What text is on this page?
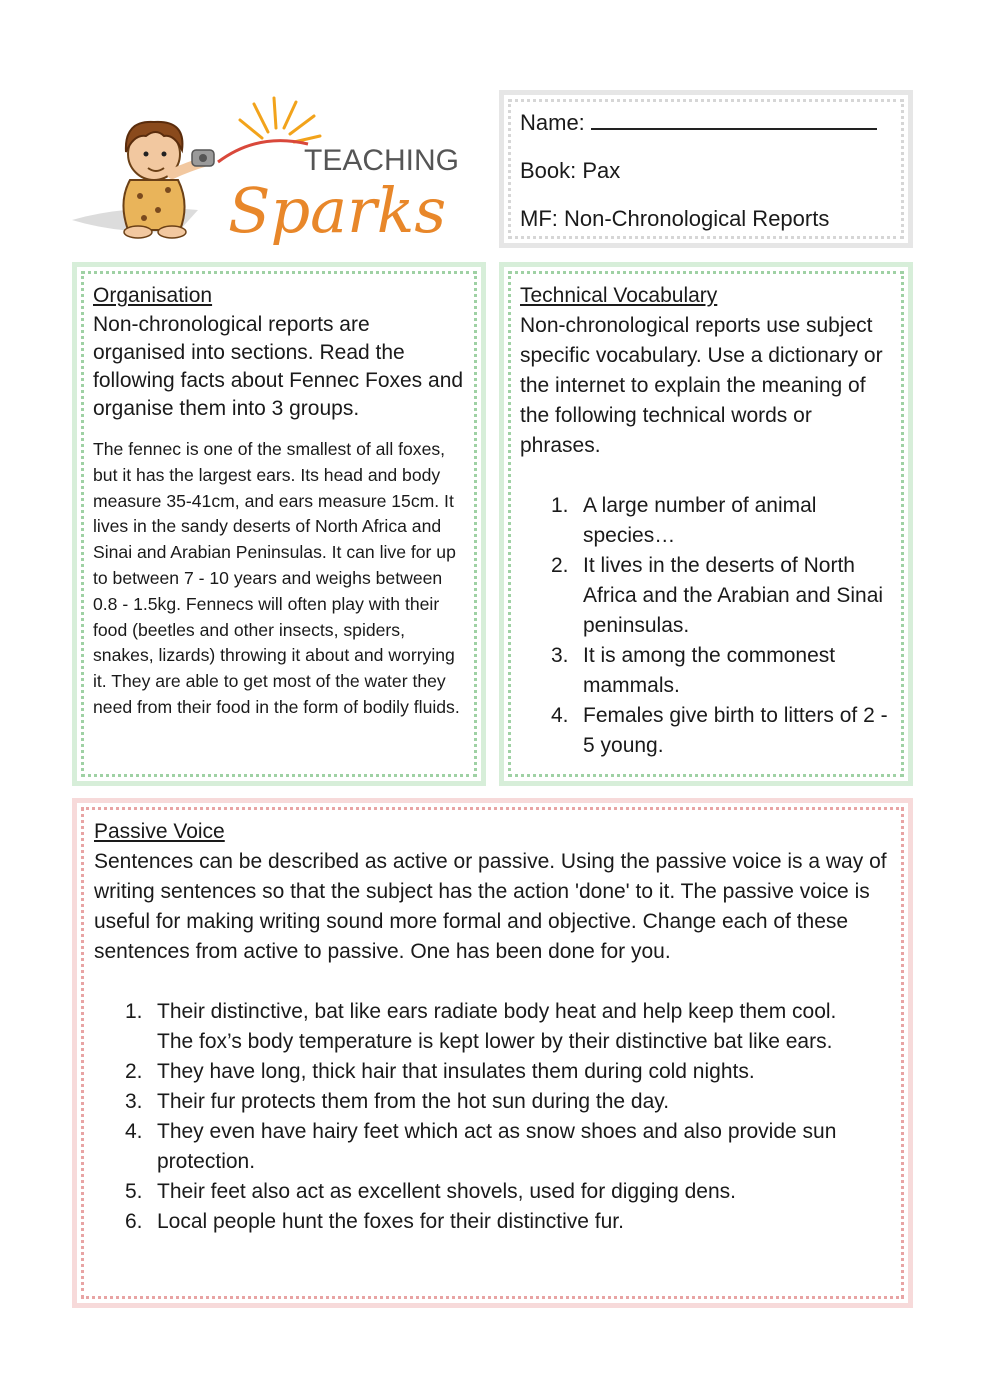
TEACHING
Sparks
Name:
Book: Pax
MF: Non-Chronological Reports
Organisation
Non-chronological reports are organised into sections. Read the following facts about Fennec Foxes and organise them into 3 groups.
The fennec is one of the smallest of all foxes, but it has the largest ears. Its head and body measure 35-41cm, and ears measure 15cm. It lives in the sandy deserts of North Africa and Sinai and Arabian Peninsulas. It can live for up to between 7 - 10 years and weighs between 0.8 - 1.5kg. Fennecs will often play with their food (beetles and other insects, spiders, snakes, lizards) throwing it about and worrying it. They are able to get most of the water they need from their food in the form of bodily fluids.
Technical Vocabulary
Non-chronological reports use subject specific vocabulary. Use a dictionary or the internet to explain the meaning of the following technical words or phrases.
1. A large number of animal species…
2. It lives in the deserts of North Africa and the Arabian and Sinai peninsulas.
3. It is among the commonest mammals.
4. Females give birth to litters of 2 - 5 young.
Passive Voice
Sentences can be described as active or passive. Using the passive voice is a way of writing sentences so that the subject has the action 'done' to it. The passive voice is useful for making writing sound more formal and objective. Change each of these sentences from active to passive. One has been done for you.
1. Their distinctive, bat like ears radiate body heat and help keep them cool.
The fox’s body temperature is kept lower by their distinctive bat like ears.
2. They have long, thick hair that insulates them during cold nights.
3. Their fur protects them from the hot sun during the day.
4. They even have hairy feet which act as snow shoes and also provide sun protection.
5. Their feet also act as excellent shovels, used for digging dens.
6. Local people hunt the foxes for their distinctive fur.
